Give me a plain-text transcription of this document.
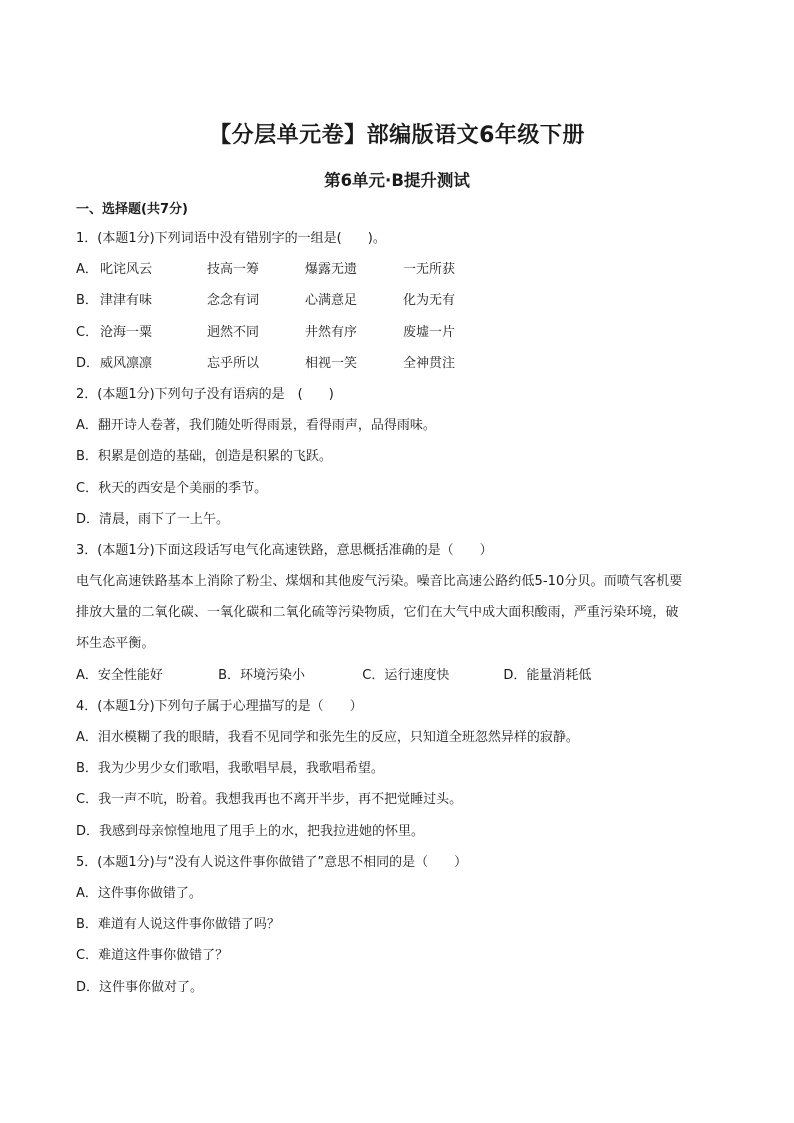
【分层单元卷】部编版语文6年级下册
第6单元·B提升测试
一、选择题(共7分)
1．(本题1分)下列词语中没有错别字的一组是(　　)。
A． 叱诧风云	技高一筹	爆露无遗	一无所获
B． 津津有味	念念有词	心满意足	化为无有
C． 沧海一粟	迥然不同	井然有序	废墟一片
D． 威风凛凛	忘乎所以	相视一笑	全神贯注
2．(本题1分)下列句子没有语病的是　(　　)
A．翻开诗人卷著，我们随处听得雨景，看得雨声，品得雨味。
B．积累是创造的基础，创造是积累的飞跃。
C．秋天的西安是个美丽的季节。
D．清晨，雨下了一上午。
3．(本题1分)下面这段话写电气化高速铁路，意思概括准确的是（　　）
电气化高速铁路基本上消除了粉尘、煤烟和其他废气污染。噪音比高速公路约低5-10分贝。而喷气客机要
排放大量的二氧化碳、一氧化碳和二氧化硫等污染物质，它们在大气中成大面积酸雨，严重污染环境，破
坏生态平衡。
A．安全性能好	B．环境污染小	C．运行速度快	D．能量消耗低
4．(本题1分)下列句子属于心理描写的是（　　）
A．泪水模糊了我的眼睛，我看不见同学和张先生的反应，只知道全班忽然异样的寂静。
B．我为少男少女们歌唱，我歌唱早晨，我歌唱希望。
C．我一声不吭，盼着。我想我再也不离开半步，再不把觉睡过头。
D．我感到母亲惊惶地甩了甩手上的水，把我拉进她的怀里。
5．(本题1分)与“没有人说这件事你做错了”意思不相同的是（　　）
A．这件事你做错了。
B．难道有人说这件事你做错了吗？
C．难道这件事你做错了？
D．这件事你做对了。
